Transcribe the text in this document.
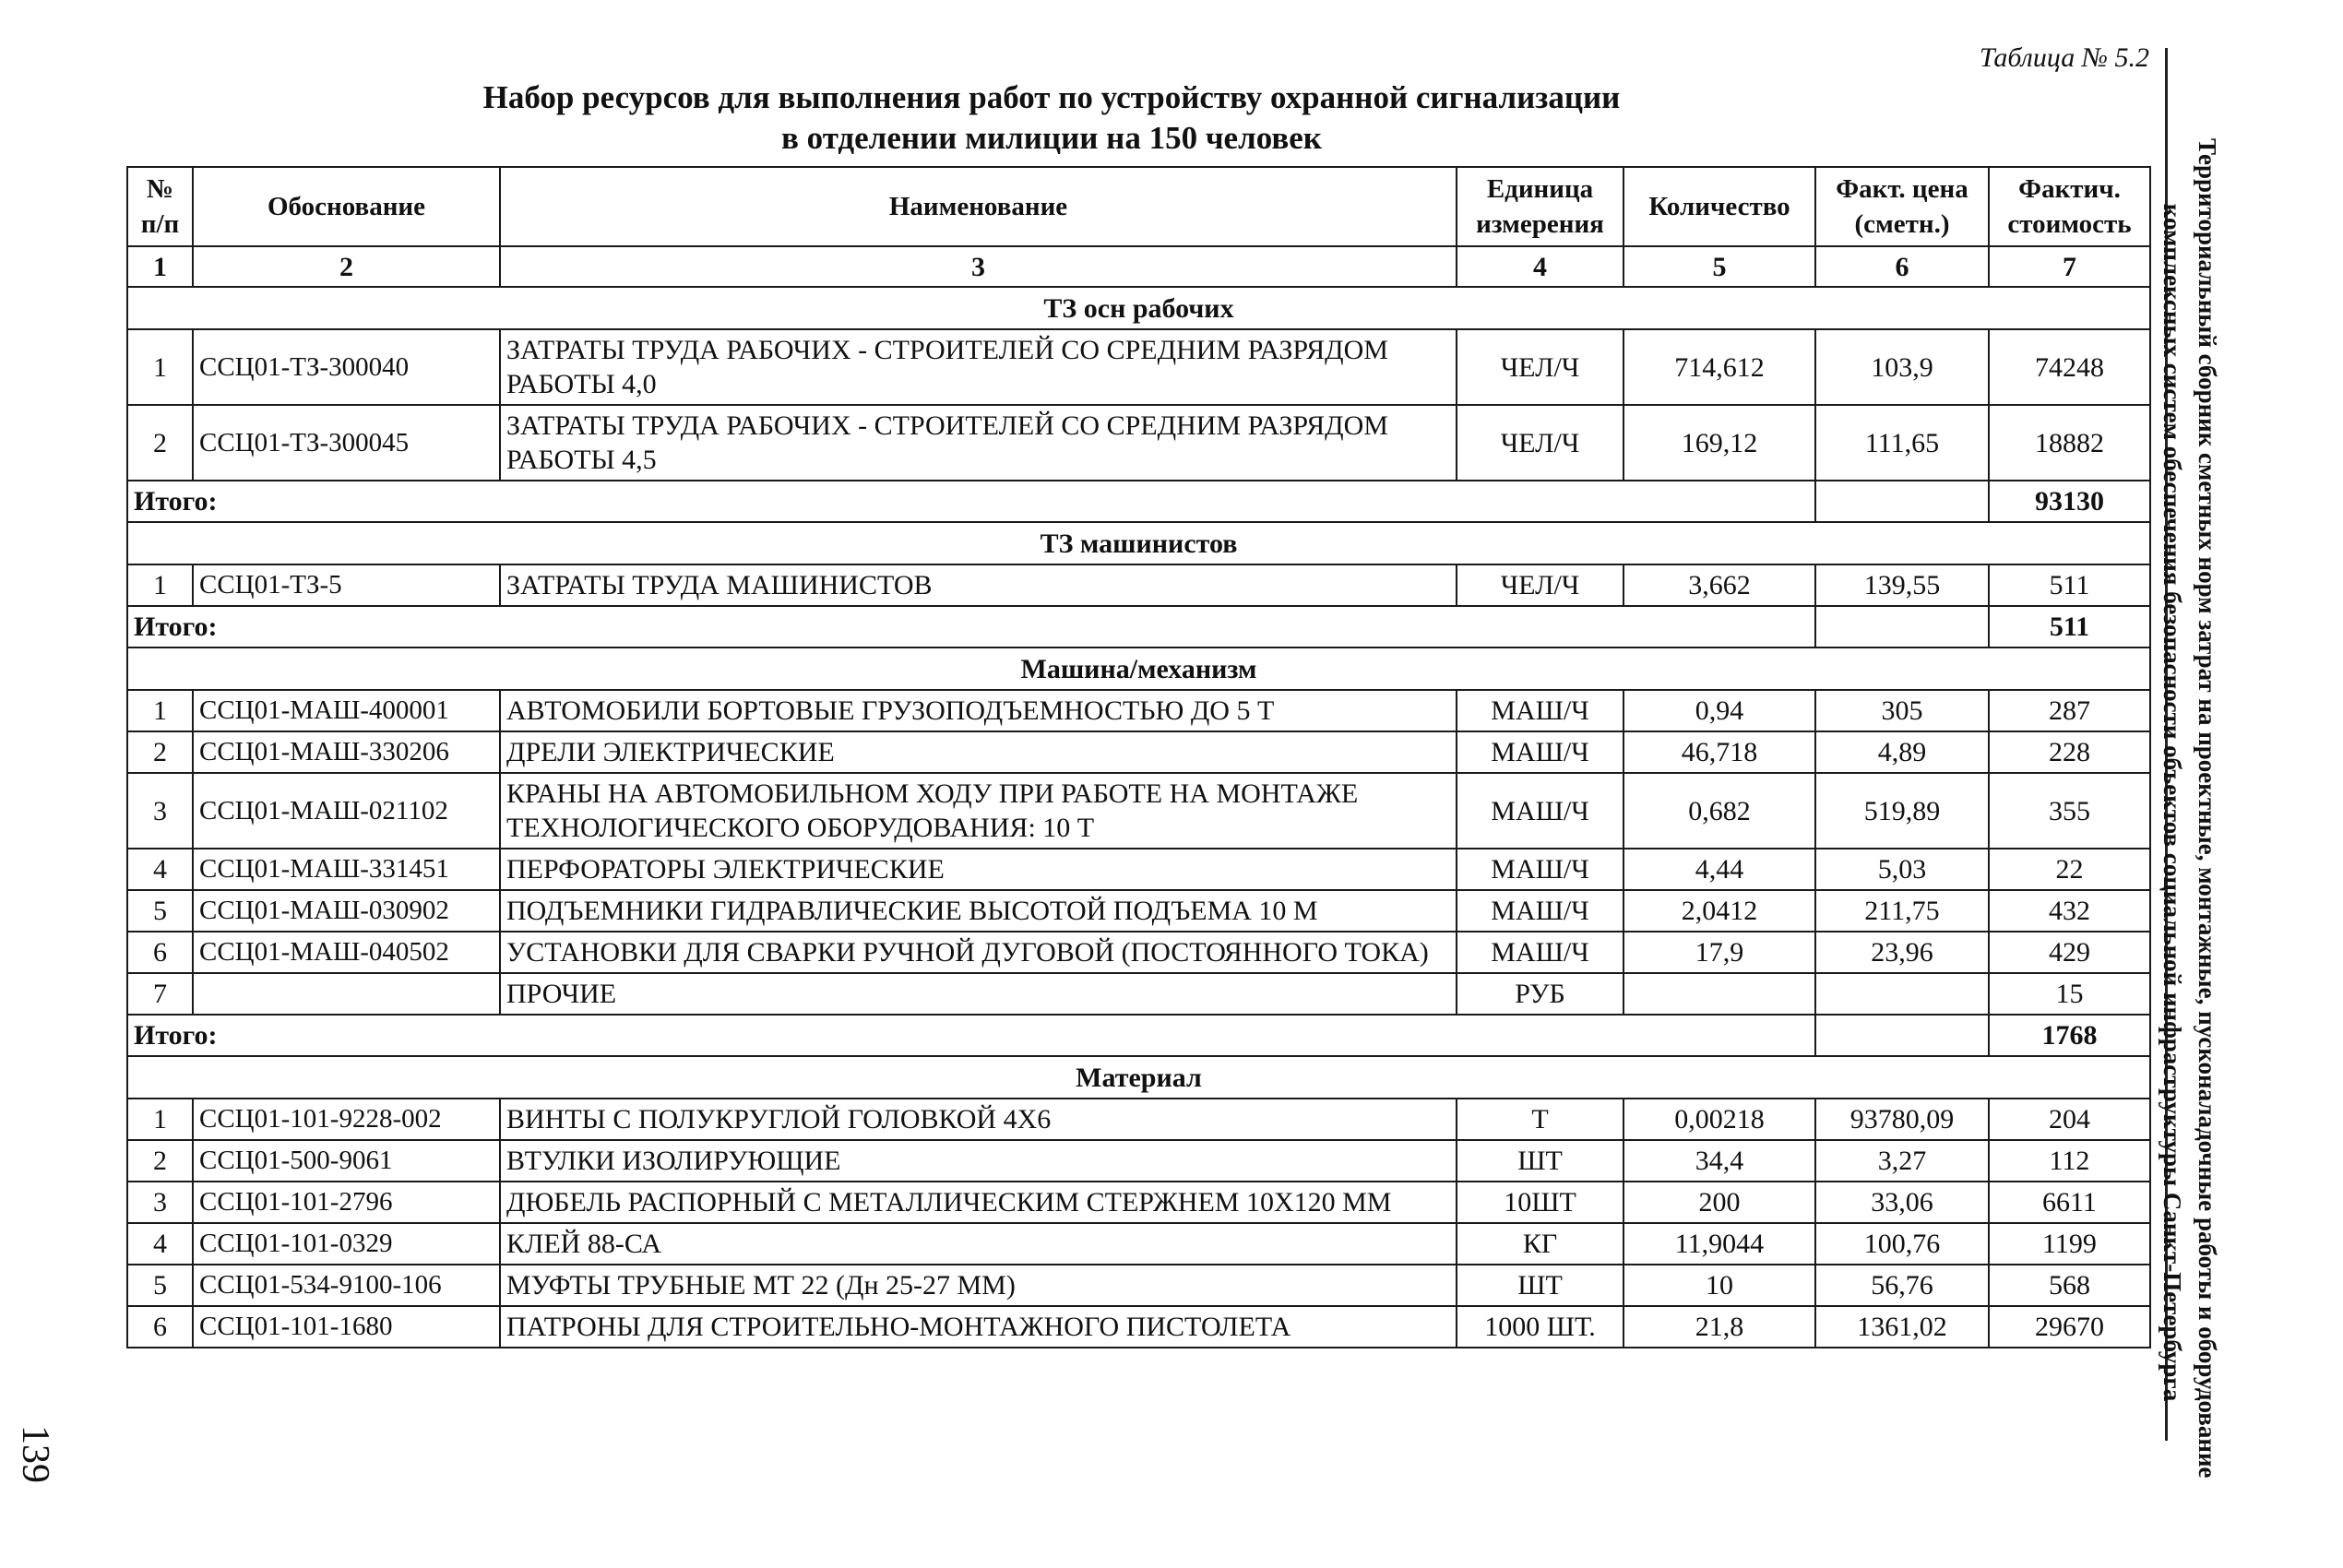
Таблица № 5.2
Набор ресурсов для выполнения работ по устройству охранной сигнализации
в отделении милиции на 150 человек
Территориальный сборник сметных норм затрат на проектные, монтажные, пусконаладочные работы и оборудование
комплексных систем обеспечения безопасности объектов социальной инфраструктуры Санкт-Петербурга
139
№ п/п	Обоснование	Наименование	Единица измерения	Количество	Факт. цена (сметн.)	Фактич. стоимость
1	2	3	4	5	6	7
ТЗ осн рабочих						
1	ССЦ01-ТЗ-300040	ЗАТРАТЫ ТРУДА РАБОЧИХ - СТРОИТЕЛЕЙ СО СРЕДНИМ РАЗРЯДОМ РАБОТЫ 4,0	ЧЕЛ/Ч	714,612	103,9	74248
2	ССЦ01-ТЗ-300045	ЗАТРАТЫ ТРУДА РАБОЧИХ - СТРОИТЕЛЕЙ СО СРЕДНИМ РАЗРЯДОМ РАБОТЫ 4,5	ЧЕЛ/Ч	169,12	111,65	18882
Итого:						93130
ТЗ машинистов						
1	ССЦ01-ТЗ-5	ЗАТРАТЫ ТРУДА МАШИНИСТОВ	ЧЕЛ/Ч	3,662	139,55	511
Итого:						511
Машина/механизм						
1	ССЦ01-МАШ-400001	АВТОМОБИЛИ БОРТОВЫЕ ГРУЗОПОДЪЕМНОСТЬЮ ДО 5 Т	МАШ/Ч	0,94	305	287
2	ССЦ01-МАШ-330206	ДРЕЛИ ЭЛЕКТРИЧЕСКИЕ	МАШ/Ч	46,718	4,89	228
3	ССЦ01-МАШ-021102	КРАНЫ НА АВТОМОБИЛЬНОМ ХОДУ ПРИ РАБОТЕ НА МОНТАЖЕ ТЕХНОЛОГИЧЕСКОГО ОБОРУДОВАНИЯ: 10 Т	МАШ/Ч	0,682	519,89	355
4	ССЦ01-МАШ-331451	ПЕРФОРАТОРЫ ЭЛЕКТРИЧЕСКИЕ	МАШ/Ч	4,44	5,03	22
5	ССЦ01-МАШ-030902	ПОДЪЕМНИКИ ГИДРАВЛИЧЕСКИЕ ВЫСОТОЙ ПОДЪЕМА 10 М	МАШ/Ч	2,0412	211,75	432
6	ССЦ01-МАШ-040502	УСТАНОВКИ ДЛЯ СВАРКИ РУЧНОЙ ДУГОВОЙ (ПОСТОЯННОГО ТОКА)	МАШ/Ч	17,9	23,96	429
7		ПРОЧИЕ	РУБ			15
Итого:						1768
Материал						
1	ССЦ01-101-9228-002	ВИНТЫ С ПОЛУКРУГЛОЙ ГОЛОВКОЙ 4Х6	Т	0,00218	93780,09	204
2	ССЦ01-500-9061	ВТУЛКИ ИЗОЛИРУЮЩИЕ	ШТ	34,4	3,27	112
3	ССЦ01-101-2796	ДЮБЕЛЬ РАСПОРНЫЙ С МЕТАЛЛИЧЕСКИМ СТЕРЖНЕМ 10Х120 ММ	10ШТ	200	33,06	6611
4	ССЦ01-101-0329	КЛЕЙ 88-СА	КГ	11,9044	100,76	1199
5	ССЦ01-534-9100-106	МУФТЫ ТРУБНЫЕ МТ 22 (Дн 25-27 ММ)	ШТ	10	56,76	568
6	ССЦ01-101-1680	ПАТРОНЫ ДЛЯ СТРОИТЕЛЬНО-МОНТАЖНОГО ПИСТОЛЕТА	1000 ШТ.	21,8	1361,02	29670
